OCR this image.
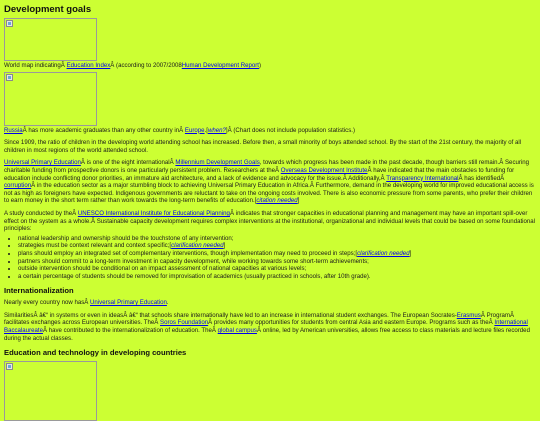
Development goals

World map indicatingÂ Education IndexÂ (according to 2007/2008Human Development Report)

RussiaÂ has more academic graduates than any other country inÂ Europe.[when?]Â (Chart does not include population statistics.)

Since 1909, the ratio of children in the developing world attending school has increased. Before then, a small minority of boys attended school. By the start of the 21st century, the majority of all children in most regions of the world attended school.

Universal Primary EducationÂ is one of the eight internationalÂ Millennium Development Goals, towards which progress has been made in the past decade, though barriers still remain.Â Securing charitable funding from prospective donors is one particularly persistent problem. Researchers at theÂ Overseas Development InstituteÂ have indicated that the main obstacles to funding for education include conflicting donor priorities, an immature aid architecture, and a lack of evidence and advocacy for the issue.Â Additionally,Â Transparency InternationalÂ has identifiedÂ corruptionÂ in the education sector as a major stumbling block to achieving Universal Primary Education in Africa.Â Furthermore, demand in the developing world for improved educational access is not as high as foreigners have expected. Indigenous governments are reluctant to take on the ongoing costs involved. There is also economic pressure from some parents, who prefer their children to earn money in the short term rather than work towards the long-term benefits of education.[citation needed]

A study conducted by theÂ UNESCO International Institute for Educational PlanningÂ indicates that stronger capacities in educational planning and management may have an important spill-over effect on the system as a whole.Â Sustainable capacity development requires complex interventions at the institutional, organizational and individual levels that could be based on some foundational principles:

• national leadership and ownership should be the touchstone of any intervention;
• strategies must be context relevant and context specific;[clarification needed]
• plans should employ an integrated set of complementary interventions, though implementation may need to proceed in steps;[clarification needed]
• partners should commit to a long-term investment in capacity development, while working towards some short-term achievements;
• outside intervention should be conditional on an impact assessment of national capacities at various levels;
• a certain percentage of students should be removed for improvisation of academics (usually practiced in schools, after 10th grade).
Internationalization

Nearly every country now hasÂ Universal Primary Education.

SimilaritiesÂ â€“ in systems or even in ideasÂ â€“ that schools share internationally have led to an increase in international student exchanges. The European Socrates-ErasmusÂ ProgramÂ facilitates exchanges across European universities. TheÂ Soros FoundationÂ provides many opportunities for students from central Asia and eastern Europe. Programs such as theÂ International BaccalaureateÂ have contributed to the internationalization of education. TheÂ global campusÂ online, led by American universities, allows free access to class materials and lecture files recorded during the actual classes.

Education and technology in developing countries
